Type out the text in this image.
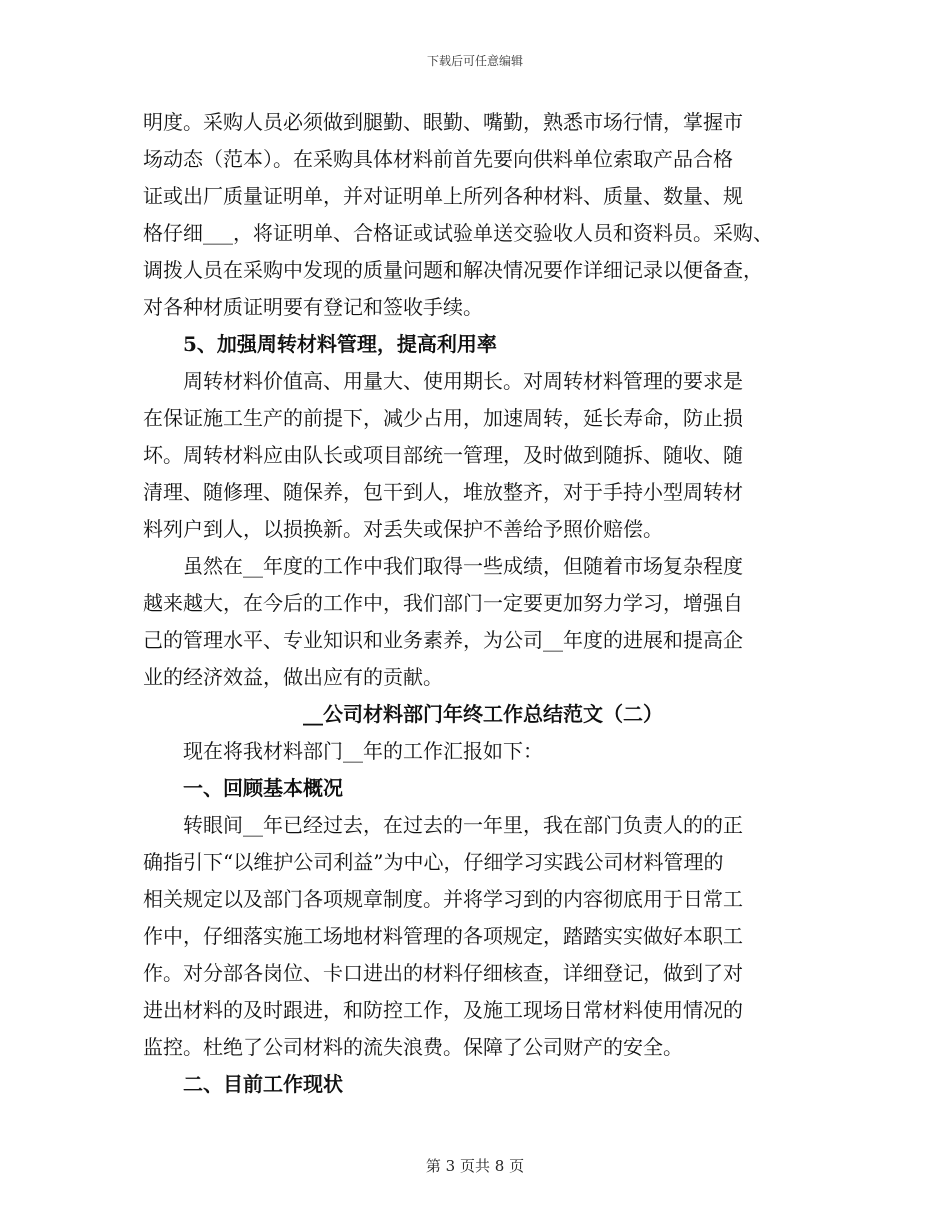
下载后可任意编辑
明度。采购人员必须做到腿勤、眼勤、嘴勤，熟悉市场行情，掌握市
场动态（范本）。在采购具体材料前首先要向供料单位索取产品合格
证或出厂质量证明单，并对证明单上所列各种材料、质量、数量、规
格仔细___，将证明单、合格证或试验单送交验收人员和资料员。采购、
调拨人员在采购中发现的质量问题和解决情况要作详细记录以便备查，
对各种材质证明要有登记和签收手续。
5、加强周转材料管理，提高利用率
周转材料价值高、用量大、使用期长。对周转材料管理的要求是
在保证施工生产的前提下，减少占用，加速周转，延长寿命，防止损
坏。周转材料应由队长或项目部统一管理，及时做到随拆、随收、随
清理、随修理、随保养，包干到人，堆放整齐，对于手持小型周转材
料列户到人，以损换新。对丢失或保护不善给予照价赔偿。
虽然在__年度的工作中我们取得一些成绩，但随着市场复杂程度
越来越大，在今后的工作中，我们部门一定要更加努力学习，增强自
己的管理水平、专业知识和业务素养，为公司__年度的进展和提高企
业的经济效益，做出应有的贡献。
__公司材料部门年终工作总结范文（二）
现在将我材料部门__年的工作汇报如下：
一、回顾基本概况
转眼间__年已经过去，在过去的一年里，我在部门负责人的的正
确指引下“以维护公司利益”为中心，仔细学习实践公司材料管理的
相关规定以及部门各项规章制度。并将学习到的内容彻底用于日常工
作中，仔细落实施工场地材料管理的各项规定，踏踏实实做好本职工
作。对分部各岗位、卡口进出的材料仔细核查，详细登记，做到了对
进出材料的及时跟进，和防控工作，及施工现场日常材料使用情况的
监控。杜绝了公司材料的流失浪费。保障了公司财产的安全。
二、目前工作现状
第 3 页共 8 页
